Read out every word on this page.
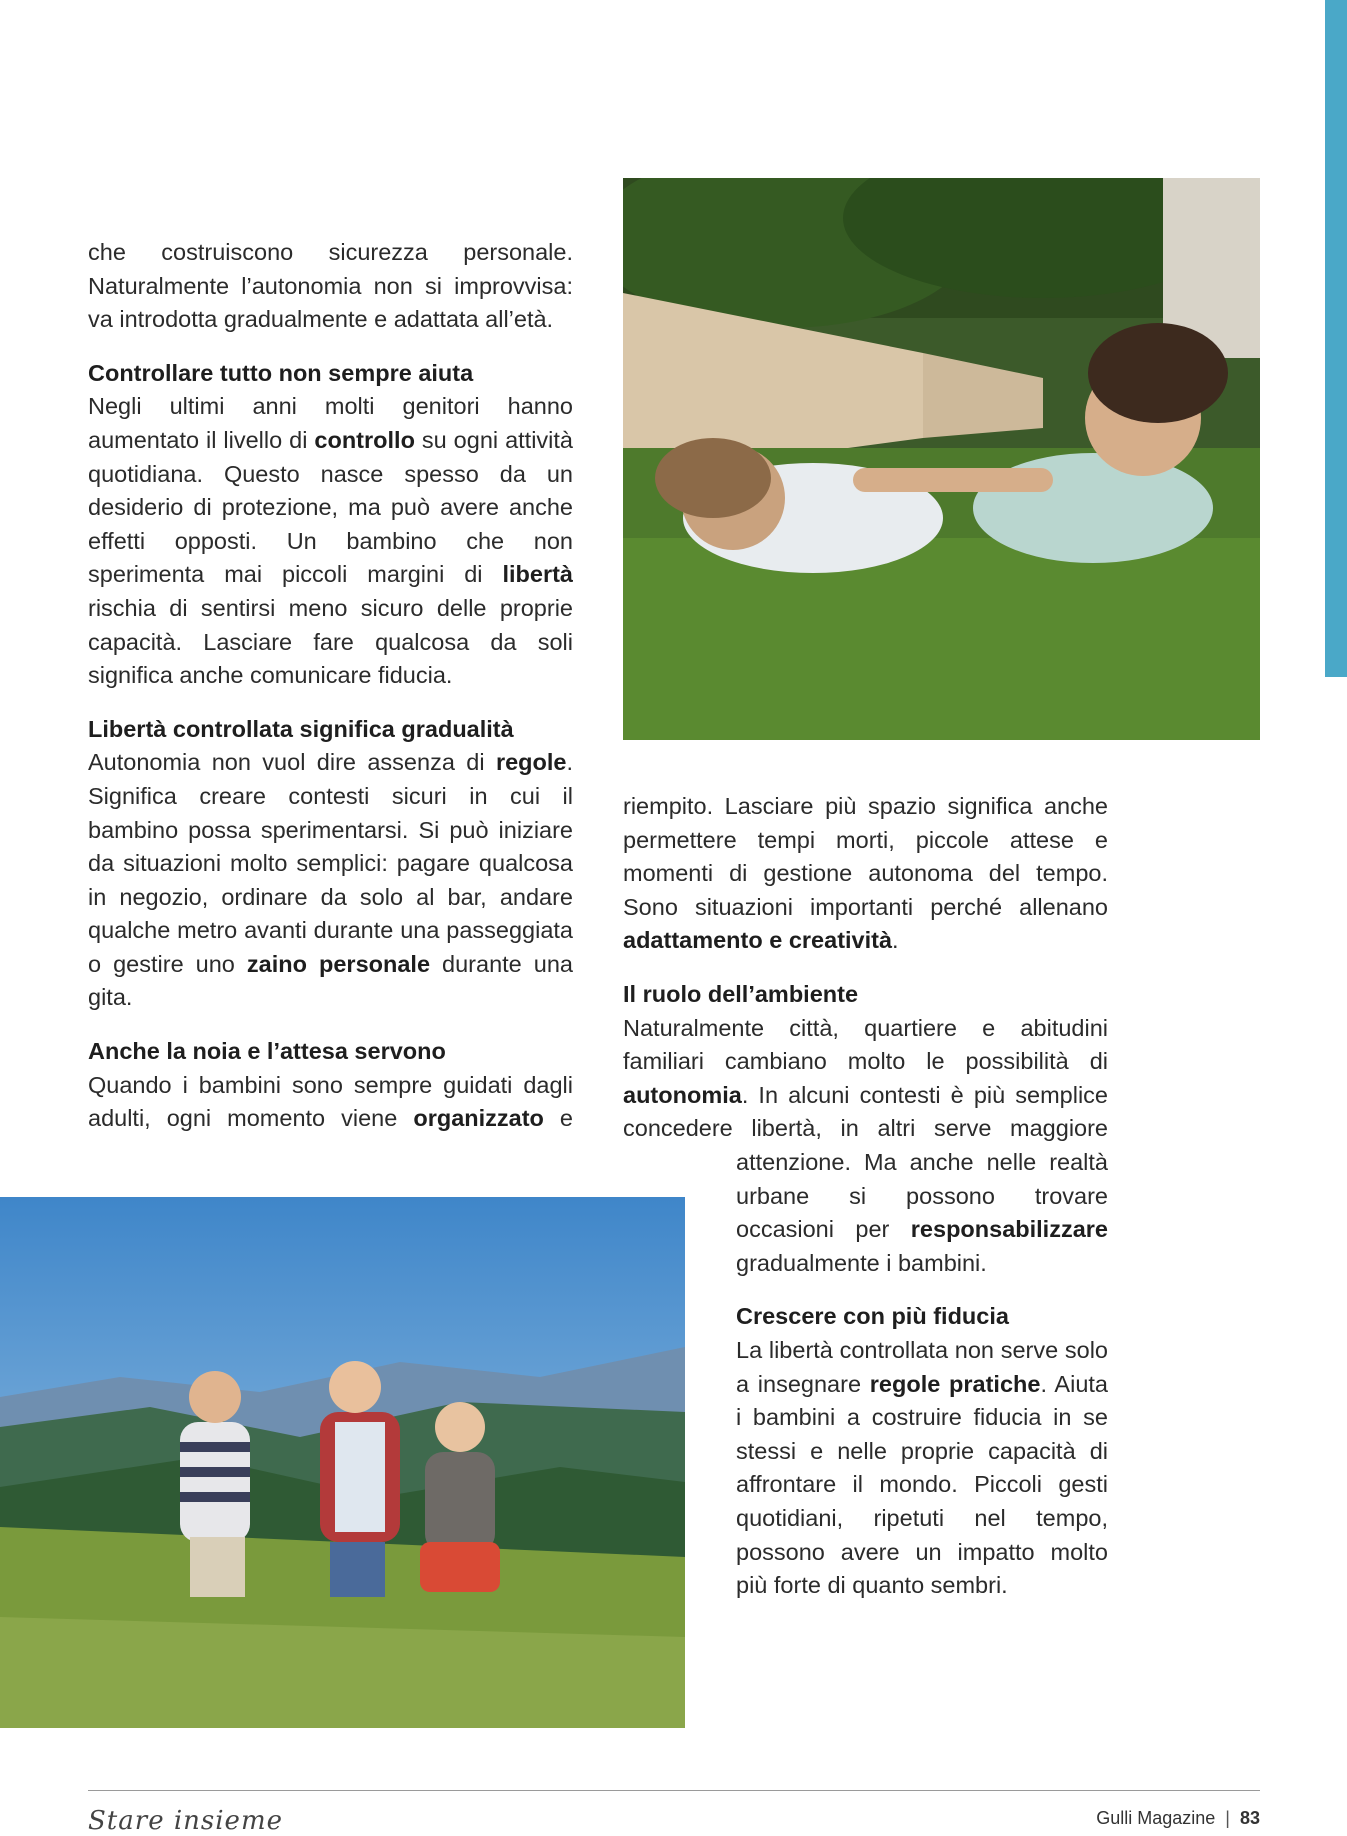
che costruiscono sicurezza personale. Naturalmente l’autonomia non si improvvisa: va introdotta gradualmente e adattata all’età.

Controllare tutto non sempre aiuta

Negli ultimi anni molti genitori hanno aumentato il livello di controllo su ogni attività quotidiana. Questo nasce spesso da un desiderio di protezione, ma può avere anche effetti opposti. Un bambino che non sperimenta mai piccoli margini di libertà rischia di sentirsi meno sicuro delle proprie capacità. Lasciare fare qualcosa da soli significa anche comunicare fiducia.

Libertà controllata significa gradualità

Autonomia non vuol dire assenza di regole. Significa creare contesti sicuri in cui il bambino possa sperimentarsi. Si può iniziare da situazioni molto semplici: pagare qualcosa in negozio, ordinare da solo al bar, andare qualche metro avanti durante una passeggiata o gestire uno zaino personale durante una gita.

Anche la noia e l’attesa servono

Quando i bambini sono sempre guidati dagli adulti, ogni momento viene organizzato e

riempito. Lasciare più spazio significa anche permettere tempi morti, piccole attese e momenti di gestione autonoma del tempo. Sono situazioni importanti perché allenano adattamento e creatività.

Il ruolo dell’ambiente

Naturalmente città, quartiere e abitudini familiari cambiano molto le possibilità di autonomia. In alcuni contesti è più semplice concedere libertà, in altri serve maggiore

attenzione. Ma anche nelle realtà urbane si possono trovare occasioni per responsabilizzare gradualmente i bambini.

Crescere con più fiducia

La libertà controllata non serve solo a insegnare regole pratiche. Aiuta i bambini a costruire fiducia in se stessi e nelle proprie capacità di affrontare il mondo. Piccoli gesti quotidiani, ripetuti nel tempo, possono avere un impatto molto più forte di quanto sembri.

Stare insieme	Gulli Magazine | 83
